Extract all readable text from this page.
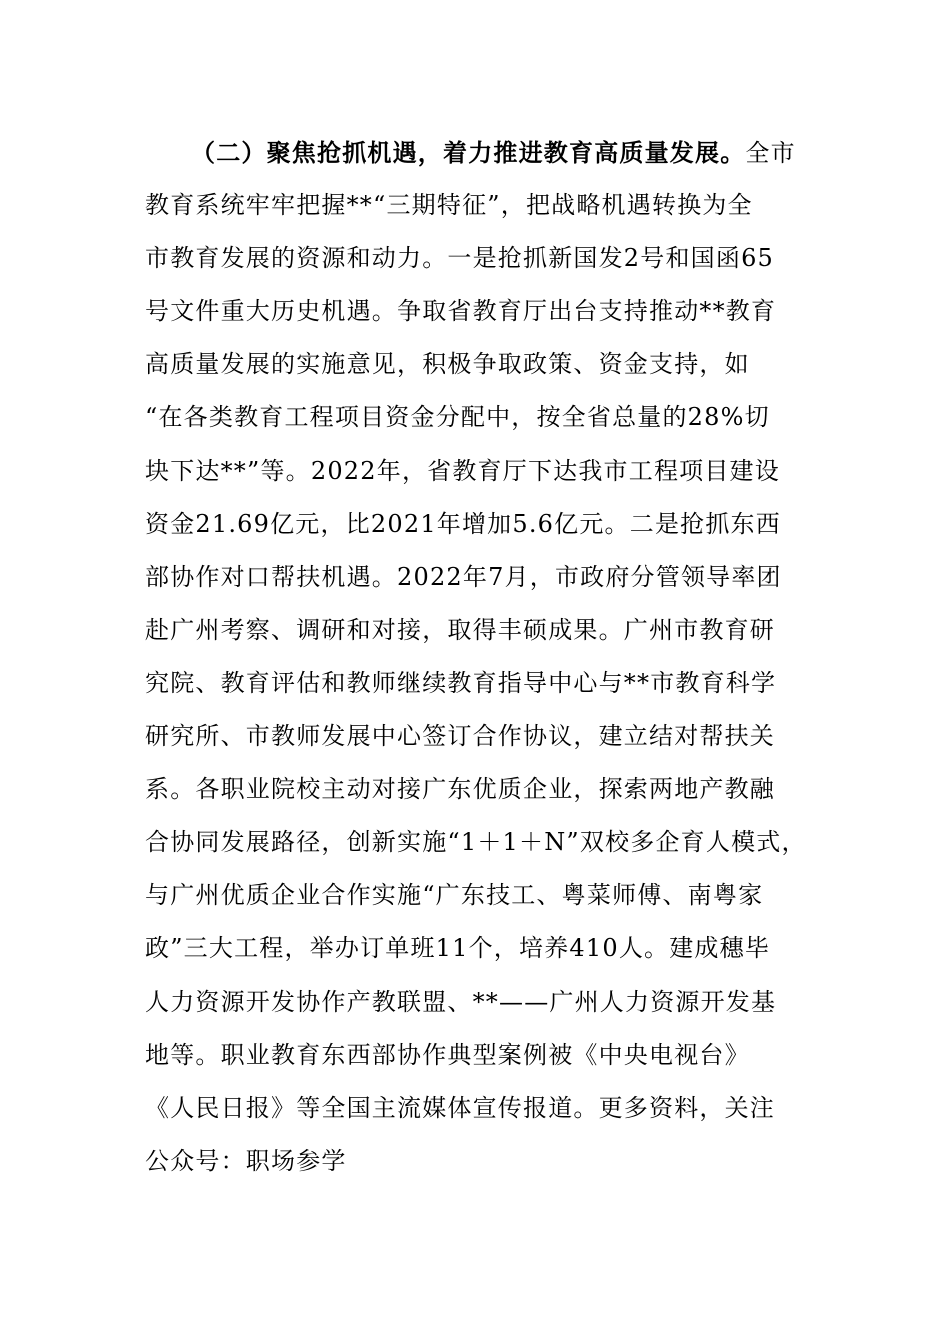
（二）聚焦抢抓机遇，着力推进教育高质量发展。全市
教育系统牢牢把握**“三期特征”，把战略机遇转换为全
市教育发展的资源和动力。一是抢抓新国发2号和国函65
号文件重大历史机遇。争取省教育厅出台支持推动**教育
高质量发展的实施意见，积极争取政策、资金支持，如
“在各类教育工程项目资金分配中，按全省总量的28%切
块下达**”等。2022年，省教育厅下达我市工程项目建设
资金21.69亿元，比2021年增加5.6亿元。二是抢抓东西
部协作对口帮扶机遇。2022年7月，市政府分管领导率团
赴广州考察、调研和对接，取得丰硕成果。广州市教育研
究院、教育评估和教师继续教育指导中心与**市教育科学
研究所、市教师发展中心签订合作协议，建立结对帮扶关
系。各职业院校主动对接广东优质企业，探索两地产教融
合协同发展路径，创新实施“1＋1＋N”双校多企育人模式，
与广州优质企业合作实施“广东技工、粤菜师傅、南粤家
政”三大工程，举办订单班11个，培养410人。建成穗毕
人力资源开发协作产教联盟、**——广州人力资源开发基
地等。职业教育东西部协作典型案例被《中央电视台》
《人民日报》等全国主流媒体宣传报道。更多资料，关注
公众号：职场参学
